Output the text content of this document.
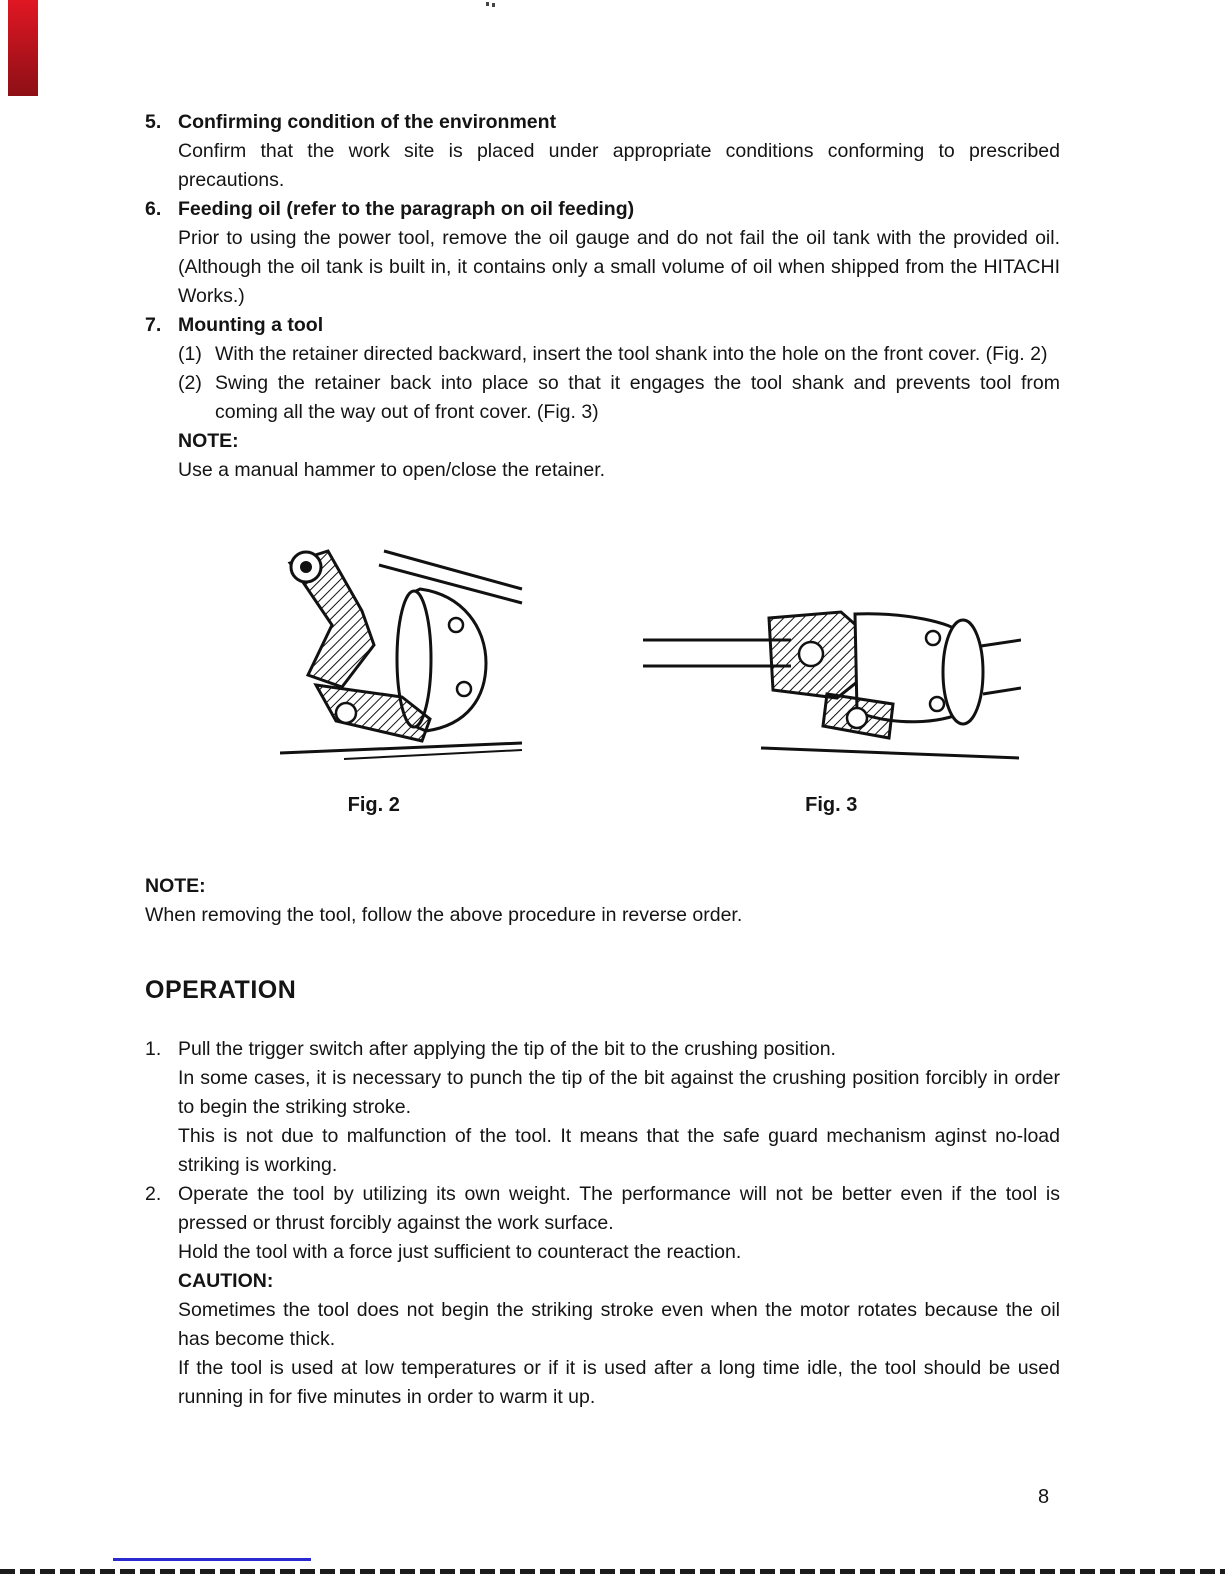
5. Confirming condition of the environment

Confirm that the work site is placed under appropriate conditions conforming to prescribed precautions.

6. Feeding oil (refer to the paragraph on oil feeding)

Prior to using the power tool, remove the oil gauge and do not fail the oil tank with the provided oil. (Although the oil tank is built in, it contains only a small volume of oil when shipped from the HITACHI Works.)

7. Mounting a tool
(1) With the retainer directed backward, insert the tool shank into the hole on the front cover. (Fig. 2)

(2) Swing the retainer back into place so that it engages the tool shank and prevents tool from coming all the way out of front cover. (Fig. 3)

NOTE:

Use a manual hammer to open/close the retainer.

Fig. 2	Fig. 3
NOTE:

When removing the tool, follow the above procedure in reverse order.

OPERATION
1. Pull the trigger switch after applying the tip of the bit to the crushing position.

In some cases, it is necessary to punch the tip of the bit against the crushing position forcibly in order to begin the striking stroke.

This is not due to malfunction of the tool. It means that the safe guard mechanism aginst no-load striking is working.

2. Operate the tool by utilizing its own weight. The performance will not be better even if the tool is pressed or thrust forcibly against the work surface.

Hold the tool with a force just sufficient to counteract the reaction.

CAUTION:

Sometimes the tool does not begin the striking stroke even when the motor rotates because the oil has become thick.

If the tool is used at low temperatures or if it is used after a long time idle, the tool should be used running in for five minutes in order to warm it up.

8
